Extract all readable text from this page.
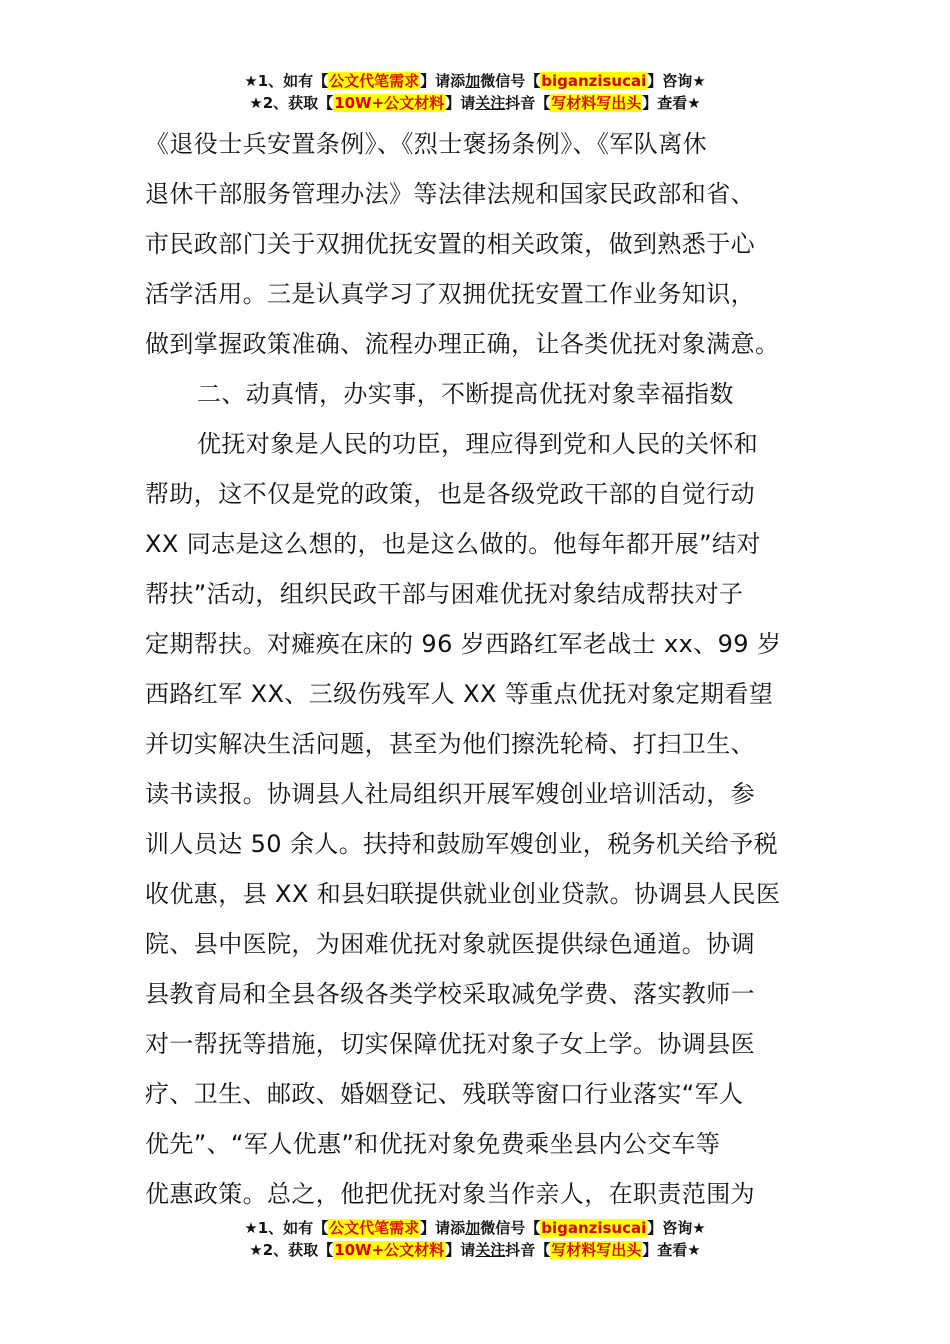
★1、如有【公文代笔需求】请添加微信号【biganzisucai】咨询★
★2、获取【10W+公文材料】请关注抖音【写材料写出头】查看★
《退役士兵安置条例》、《烈士褒扬条例》、《军队离休
退休干部服务管理办法》等法律法规和国家民政部和省、
市民政部门关于双拥优抚安置的相关政策，做到熟悉于心
活学活用。三是认真学习了双拥优抚安置工作业务知识，
做到掌握政策准确、流程办理正确，让各类优抚对象满意。
二、动真情，办实事，不断提高优抚对象幸福指数
优抚对象是人民的功臣，理应得到党和人民的关怀和
帮助，这不仅是党的政策，也是各级党政干部的自觉行动
XX 同志是这么想的，也是这么做的。他每年都开展”结对
帮扶”活动，组织民政干部与困难优抚对象结成帮扶对子
定期帮扶。对瘫痪在床的 96 岁西路红军老战士 xx、99 岁
西路红军 XX、三级伤残军人 XX 等重点优抚对象定期看望
并切实解决生活问题，甚至为他们擦洗轮椅、打扫卫生、
读书读报。协调县人社局组织开展军嫂创业培训活动，参
训人员达 50 余人。扶持和鼓励军嫂创业，税务机关给予税
收优惠，县 XX 和县妇联提供就业创业贷款。协调县人民医
院、县中医院，为困难优抚对象就医提供绿色通道。协调
县教育局和全县各级各类学校采取减免学费、落实教师一
对一帮抚等措施，切实保障优抚对象子女上学。协调县医
疗、卫生、邮政、婚姻登记、残联等窗口行业落实“军人
优先”、“军人优惠”和优抚对象免费乘坐县内公交车等
优惠政策。总之，他把优抚对象当作亲人，在职责范围为
★1、如有【公文代笔需求】请添加微信号【biganzisucai】咨询★
★2、获取【10W+公文材料】请关注抖音【写材料写出头】查看★
